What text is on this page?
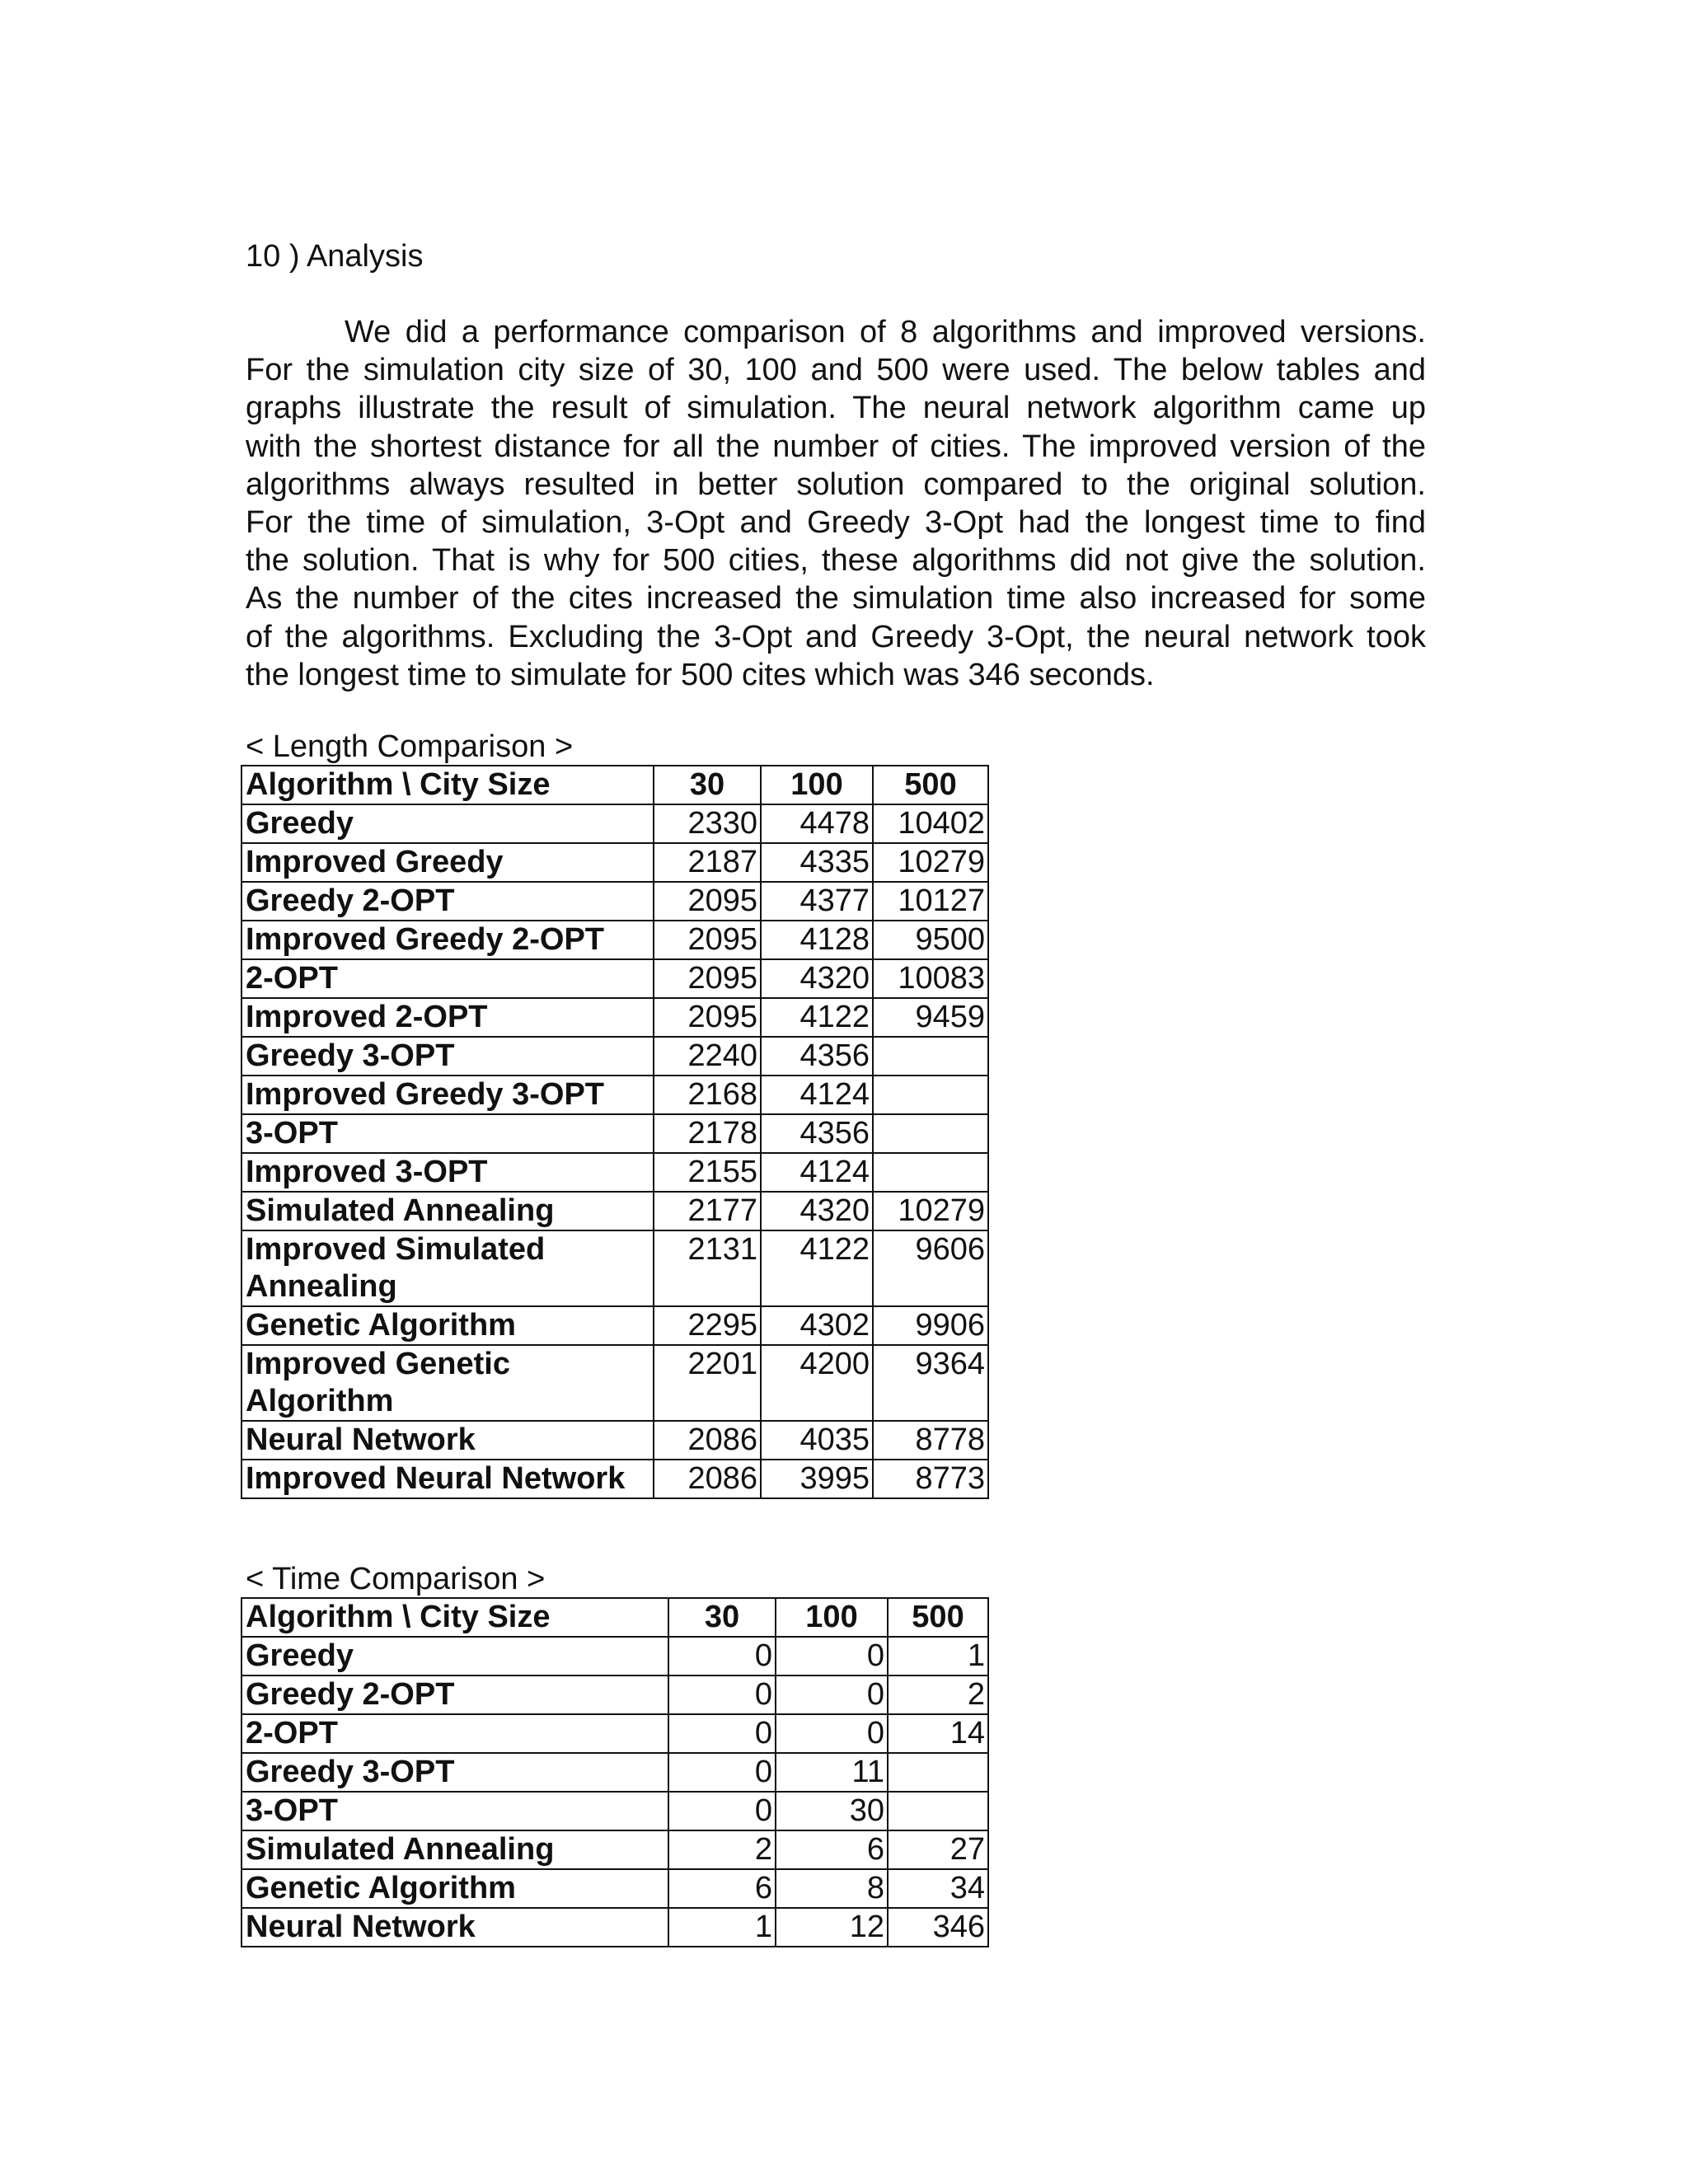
10 ) Analysis
We did a performance comparison of 8 algorithms and improved versions.
For the simulation city size of 30, 100 and 500 were used. The below tables and
graphs illustrate the result of simulation. The neural network algorithm came up
with the shortest distance for all the number of cities. The improved version of the
algorithms always resulted in better solution compared to the original solution.
For the time of simulation, 3-Opt and Greedy 3-Opt had the longest time to find
the solution. That is why for 500 cities, these algorithms did not give the solution.
As the number of the cites increased the simulation time also increased for some
of the algorithms. Excluding the 3-Opt and Greedy 3-Opt, the neural network took
the longest time to simulate for 500 cites which was 346 seconds.
< Length Comparison >
Algorithm \ City Size	30	100	500
Greedy	2330	4478	10402
Improved Greedy	2187	4335	10279
Greedy 2-OPT	2095	4377	10127
Improved Greedy 2-OPT	2095	4128	9500
2-OPT	2095	4320	10083
Improved 2-OPT	2095	4122	9459
Greedy 3-OPT	2240	4356	
Improved Greedy 3-OPT	2168	4124	
3-OPT	2178	4356	
Improved 3-OPT	2155	4124	
Simulated Annealing	2177	4320	10279
Improved Simulated Annealing	2131	4122	9606
Genetic Algorithm	2295	4302	9906
Improved Genetic Algorithm	2201	4200	9364
Neural Network	2086	4035	8778
Improved Neural Network	2086	3995	8773
< Time Comparison >
Algorithm \ City Size	30	100	500
Greedy	0	0	1
Greedy 2-OPT	0	0	2
2-OPT	0	0	14
Greedy 3-OPT	0	11	
3-OPT	0	30	
Simulated Annealing	2	6	27
Genetic Algorithm	6	8	34
Neural Network	1	12	346
